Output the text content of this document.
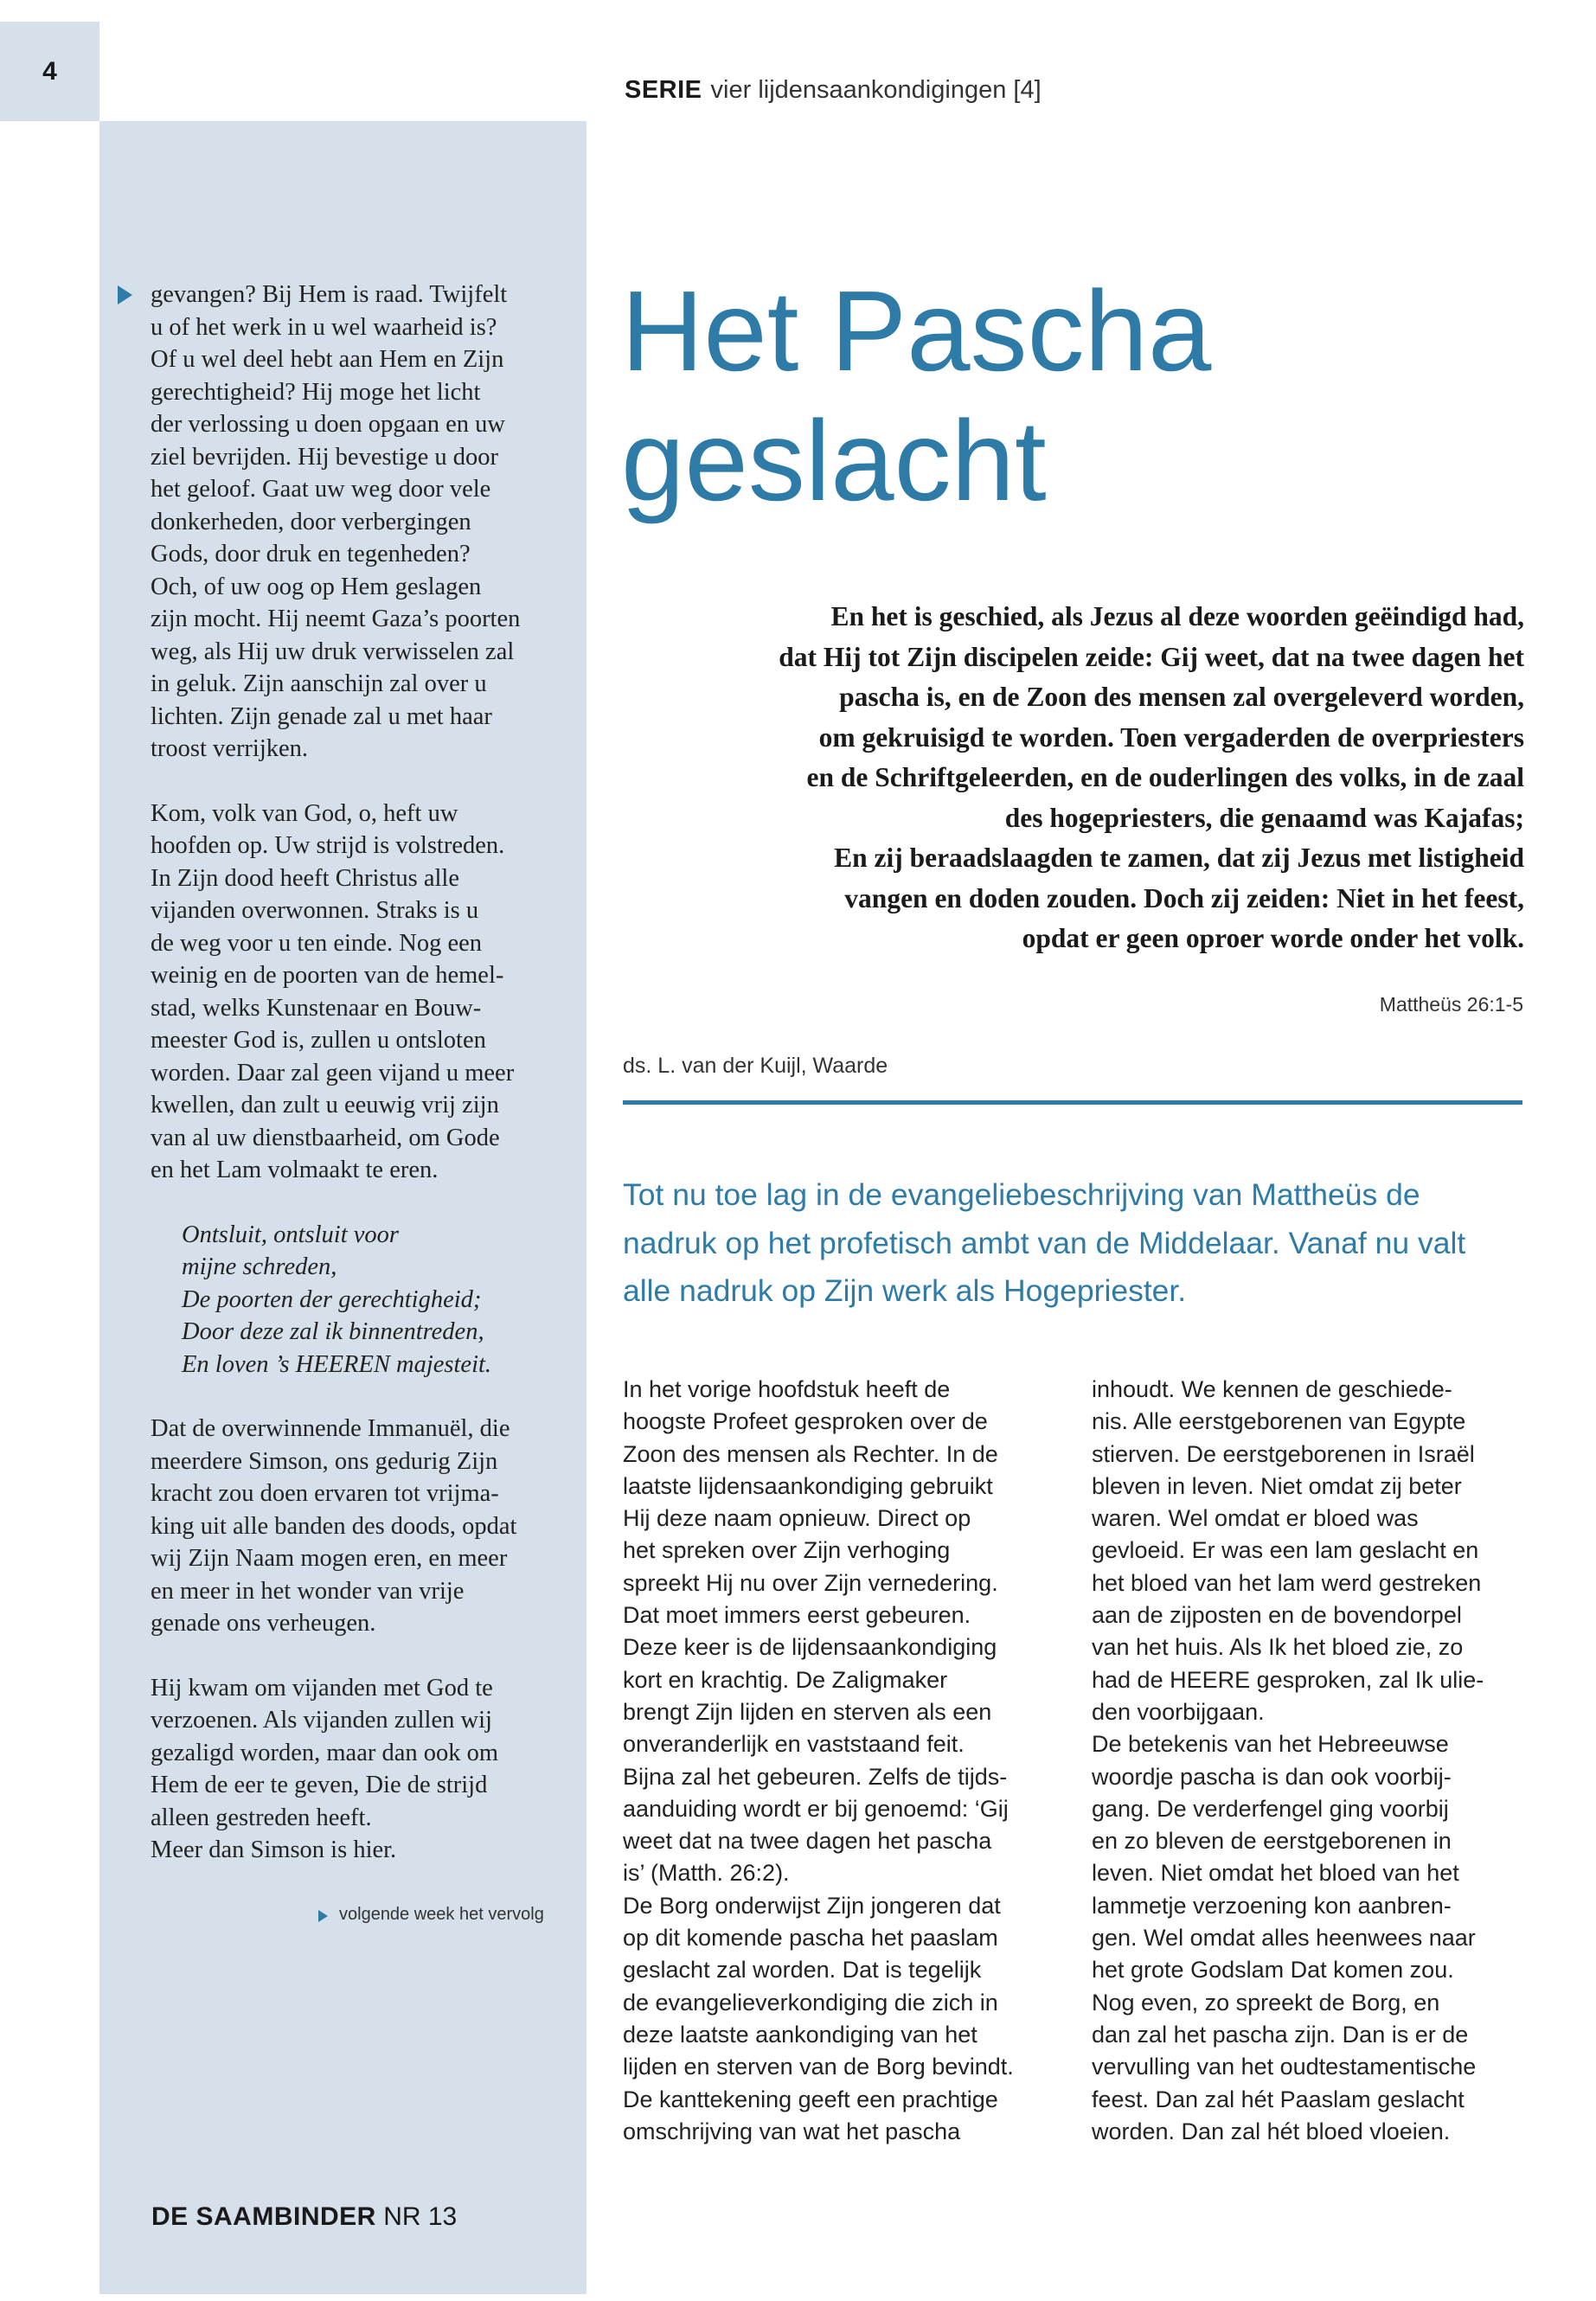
4
SERIE vier lijdensaankondigingen [4]

gevangen? Bij Hem is raad. Twijfelt
u of het werk in u wel waarheid is?
Of u wel deel hebt aan Hem en Zijn
gerechtigheid? Hij moge het licht
der verlossing u doen opgaan en uw
ziel bevrijden. Hij bevestige u door
het geloof. Gaat uw weg door vele
donkerheden, door verbergingen
Gods, door druk en tegenheden?
Och, of uw oog op Hem geslagen
zijn mocht. Hij neemt Gaza’s poorten
weg, als Hij uw druk verwisselen zal
in geluk. Zijn aanschijn zal over u
lichten. Zijn genade zal u met haar
troost verrijken.

Kom, volk van God, o, heft uw
hoofden op. Uw strijd is volstreden.
In Zijn dood heeft Christus alle
vijanden overwonnen. Straks is u
de weg voor u ten einde. Nog een
weinig en de poorten van de hemel-
stad, welks Kunstenaar en Bouw-
meester God is, zullen u ontsloten
worden. Daar zal geen vijand u meer
kwellen, dan zult u eeuwig vrij zijn
van al uw dienstbaarheid, om Gode
en het Lam volmaakt te eren.

Ontsluit, ontsluit voor
mijne schreden,
De poorten der gerechtigheid;
Door deze zal ik binnentreden,
En loven ’s HEEREN majesteit.

Dat de overwinnende Immanuël, die
meerdere Simson, ons gedurig Zijn
kracht zou doen ervaren tot vrijma-
king uit alle banden des doods, opdat
wij Zijn Naam mogen eren, en meer
en meer in het wonder van vrije
genade ons verheugen.

Hij kwam om vijanden met God te
verzoenen. Als vijanden zullen wij
gezaligd worden, maar dan ook om
Hem de eer te geven, Die de strijd
alleen gestreden heeft.
Meer dan Simson is hier.

volgende week het vervolg
DE SAAMBINDER NR 13
Het Pascha
geslacht
En het is geschied, als Jezus al deze woorden geëindigd had,
dat Hij tot Zijn discipelen zeide: Gij weet, dat na twee dagen het
pascha is, en de Zoon des mensen zal overgeleverd worden,
om gekruisigd te worden. Toen vergaderden de overpriesters
en de Schriftgeleerden, en de ouderlingen des volks, in de zaal
des hogepriesters, die genaamd was Kajafas;
En zij beraadslaagden te zamen, dat zij Jezus met listigheid
vangen en doden zouden. Doch zij zeiden: Niet in het feest,
opdat er geen oproer worde onder het volk.
Mattheüs 26:1-5
ds. L. van der Kuijl, Waarde
Tot nu toe lag in de evangeliebeschrijving van Mattheüs de
nadruk op het profetisch ambt van de Middelaar. Vanaf nu valt
alle nadruk op Zijn werk als Hogepriester.
In het vorige hoofdstuk heeft de
hoogste Profeet gesproken over de
Zoon des mensen als Rechter. In de
laatste lijdensaankondiging gebruikt
Hij deze naam opnieuw. Direct op
het spreken over Zijn verhoging
spreekt Hij nu over Zijn vernedering.
Dat moet immers eerst gebeuren.
Deze keer is de lijdensaankondiging
kort en krachtig. De Zaligmaker
brengt Zijn lijden en sterven als een
onveranderlijk en vaststaand feit.
Bijna zal het gebeuren. Zelfs de tijds-
aanduiding wordt er bij genoemd: ‘Gij
weet dat na twee dagen het pascha
is’ (Matth. 26:2).
De Borg onderwijst Zijn jongeren dat
op dit komende pascha het paaslam
geslacht zal worden. Dat is tegelijk
de evangelieverkondiging die zich in
deze laatste aankondiging van het
lijden en sterven van de Borg bevindt.
De kanttekening geeft een prachtige
omschrijving van wat het pascha
inhoudt. We kennen de geschiede-
nis. Alle eerstgeborenen van Egypte
stierven. De eerstgeborenen in Israël
bleven in leven. Niet omdat zij beter
waren. Wel omdat er bloed was
gevloeid. Er was een lam geslacht en
het bloed van het lam werd gestreken
aan de zijposten en de bovendorpel
van het huis. Als Ik het bloed zie, zo
had de HEERE gesproken, zal Ik ulie-
den voorbijgaan.
De betekenis van het Hebreeuwse
woordje pascha is dan ook voorbij-
gang. De verderfengel ging voorbij
en zo bleven de eerstgeborenen in
leven. Niet omdat het bloed van het
lammetje verzoening kon aanbren-
gen. Wel omdat alles heenwees naar
het grote Godslam Dat komen zou.
Nog even, zo spreekt de Borg, en
dan zal het pascha zijn. Dan is er de
vervulling van het oudtestamentische
feest. Dan zal hét Paaslam geslacht
worden. Dan zal hét bloed vloeien.
